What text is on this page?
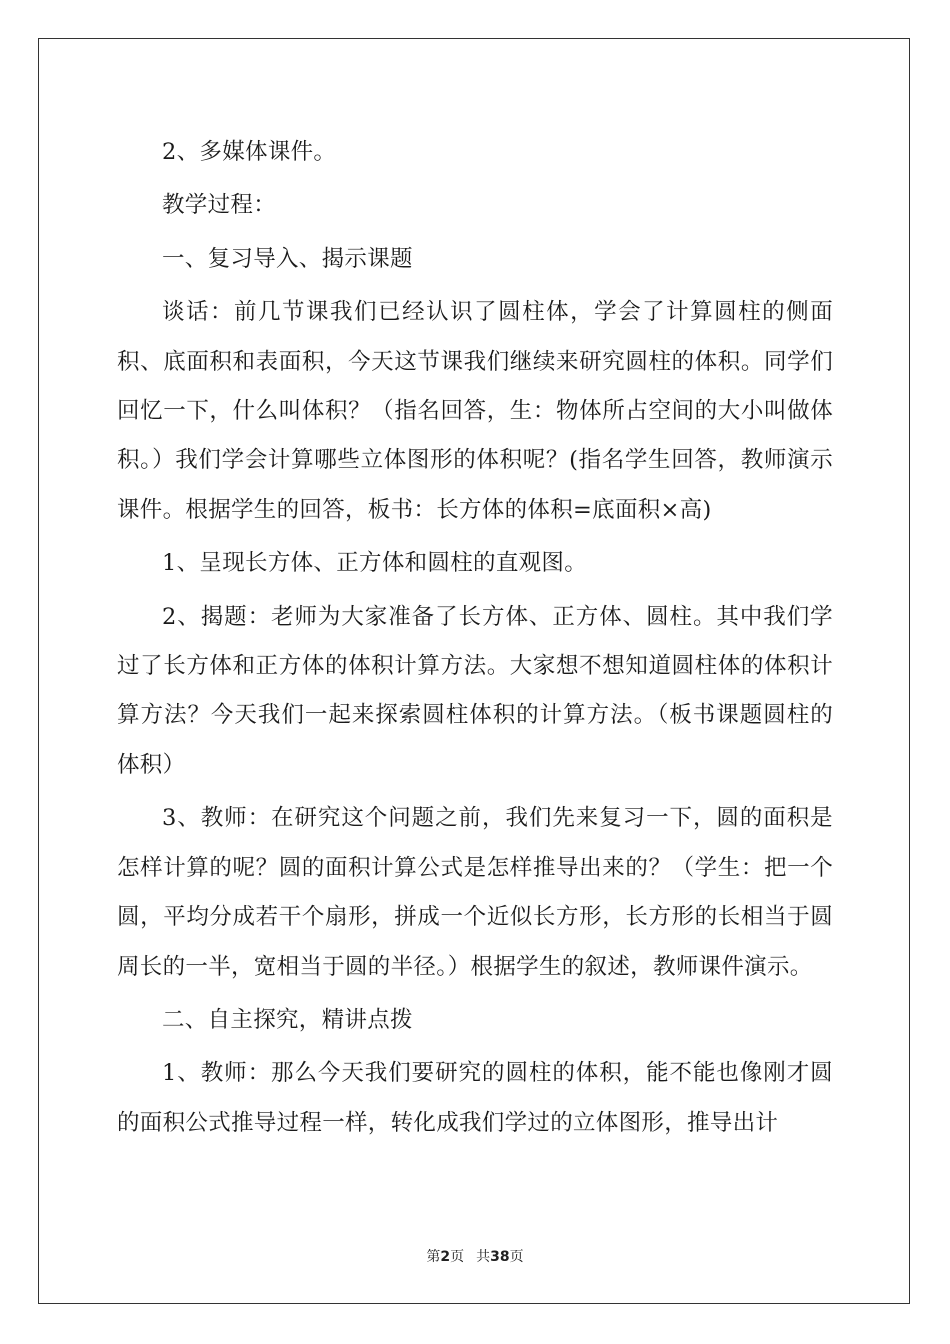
2、多媒体课件。

教学过程：

一、复习导入、揭示课题

谈话：前几节课我们已经认识了圆柱体，学会了计算圆柱的侧面积、底面积和表面积，今天这节课我们继续来研究圆柱的体积。同学们回忆一下，什么叫体积？（指名回答，生：物体所占空间的大小叫做体积。）我们学会计算哪些立体图形的体积呢？(指名学生回答，教师演示课件。根据学生的回答，板书：长方体的体积=底面积×高)

1、呈现长方体、正方体和圆柱的直观图。

2、揭题：老师为大家准备了长方体、正方体、圆柱。其中我们学过了长方体和正方体的体积计算方法。大家想不想知道圆柱体的体积计算方法？今天我们一起来探索圆柱体积的计算方法。（板书课题圆柱的体积）

3、教师：在研究这个问题之前，我们先来复习一下，圆的面积是怎样计算的呢？圆的面积计算公式是怎样推导出来的？（学生：把一个圆，平均分成若干个扇形，拼成一个近似长方形，长方形的长相当于圆周长的一半，宽相当于圆的半径。）根据学生的叙述，教师课件演示。

二、自主探究，精讲点拨

1、教师：那么今天我们要研究的圆柱的体积，能不能也像刚才圆的面积公式推导过程一样，转化成我们学过的立体图形，推导出计

第2页 共38页
